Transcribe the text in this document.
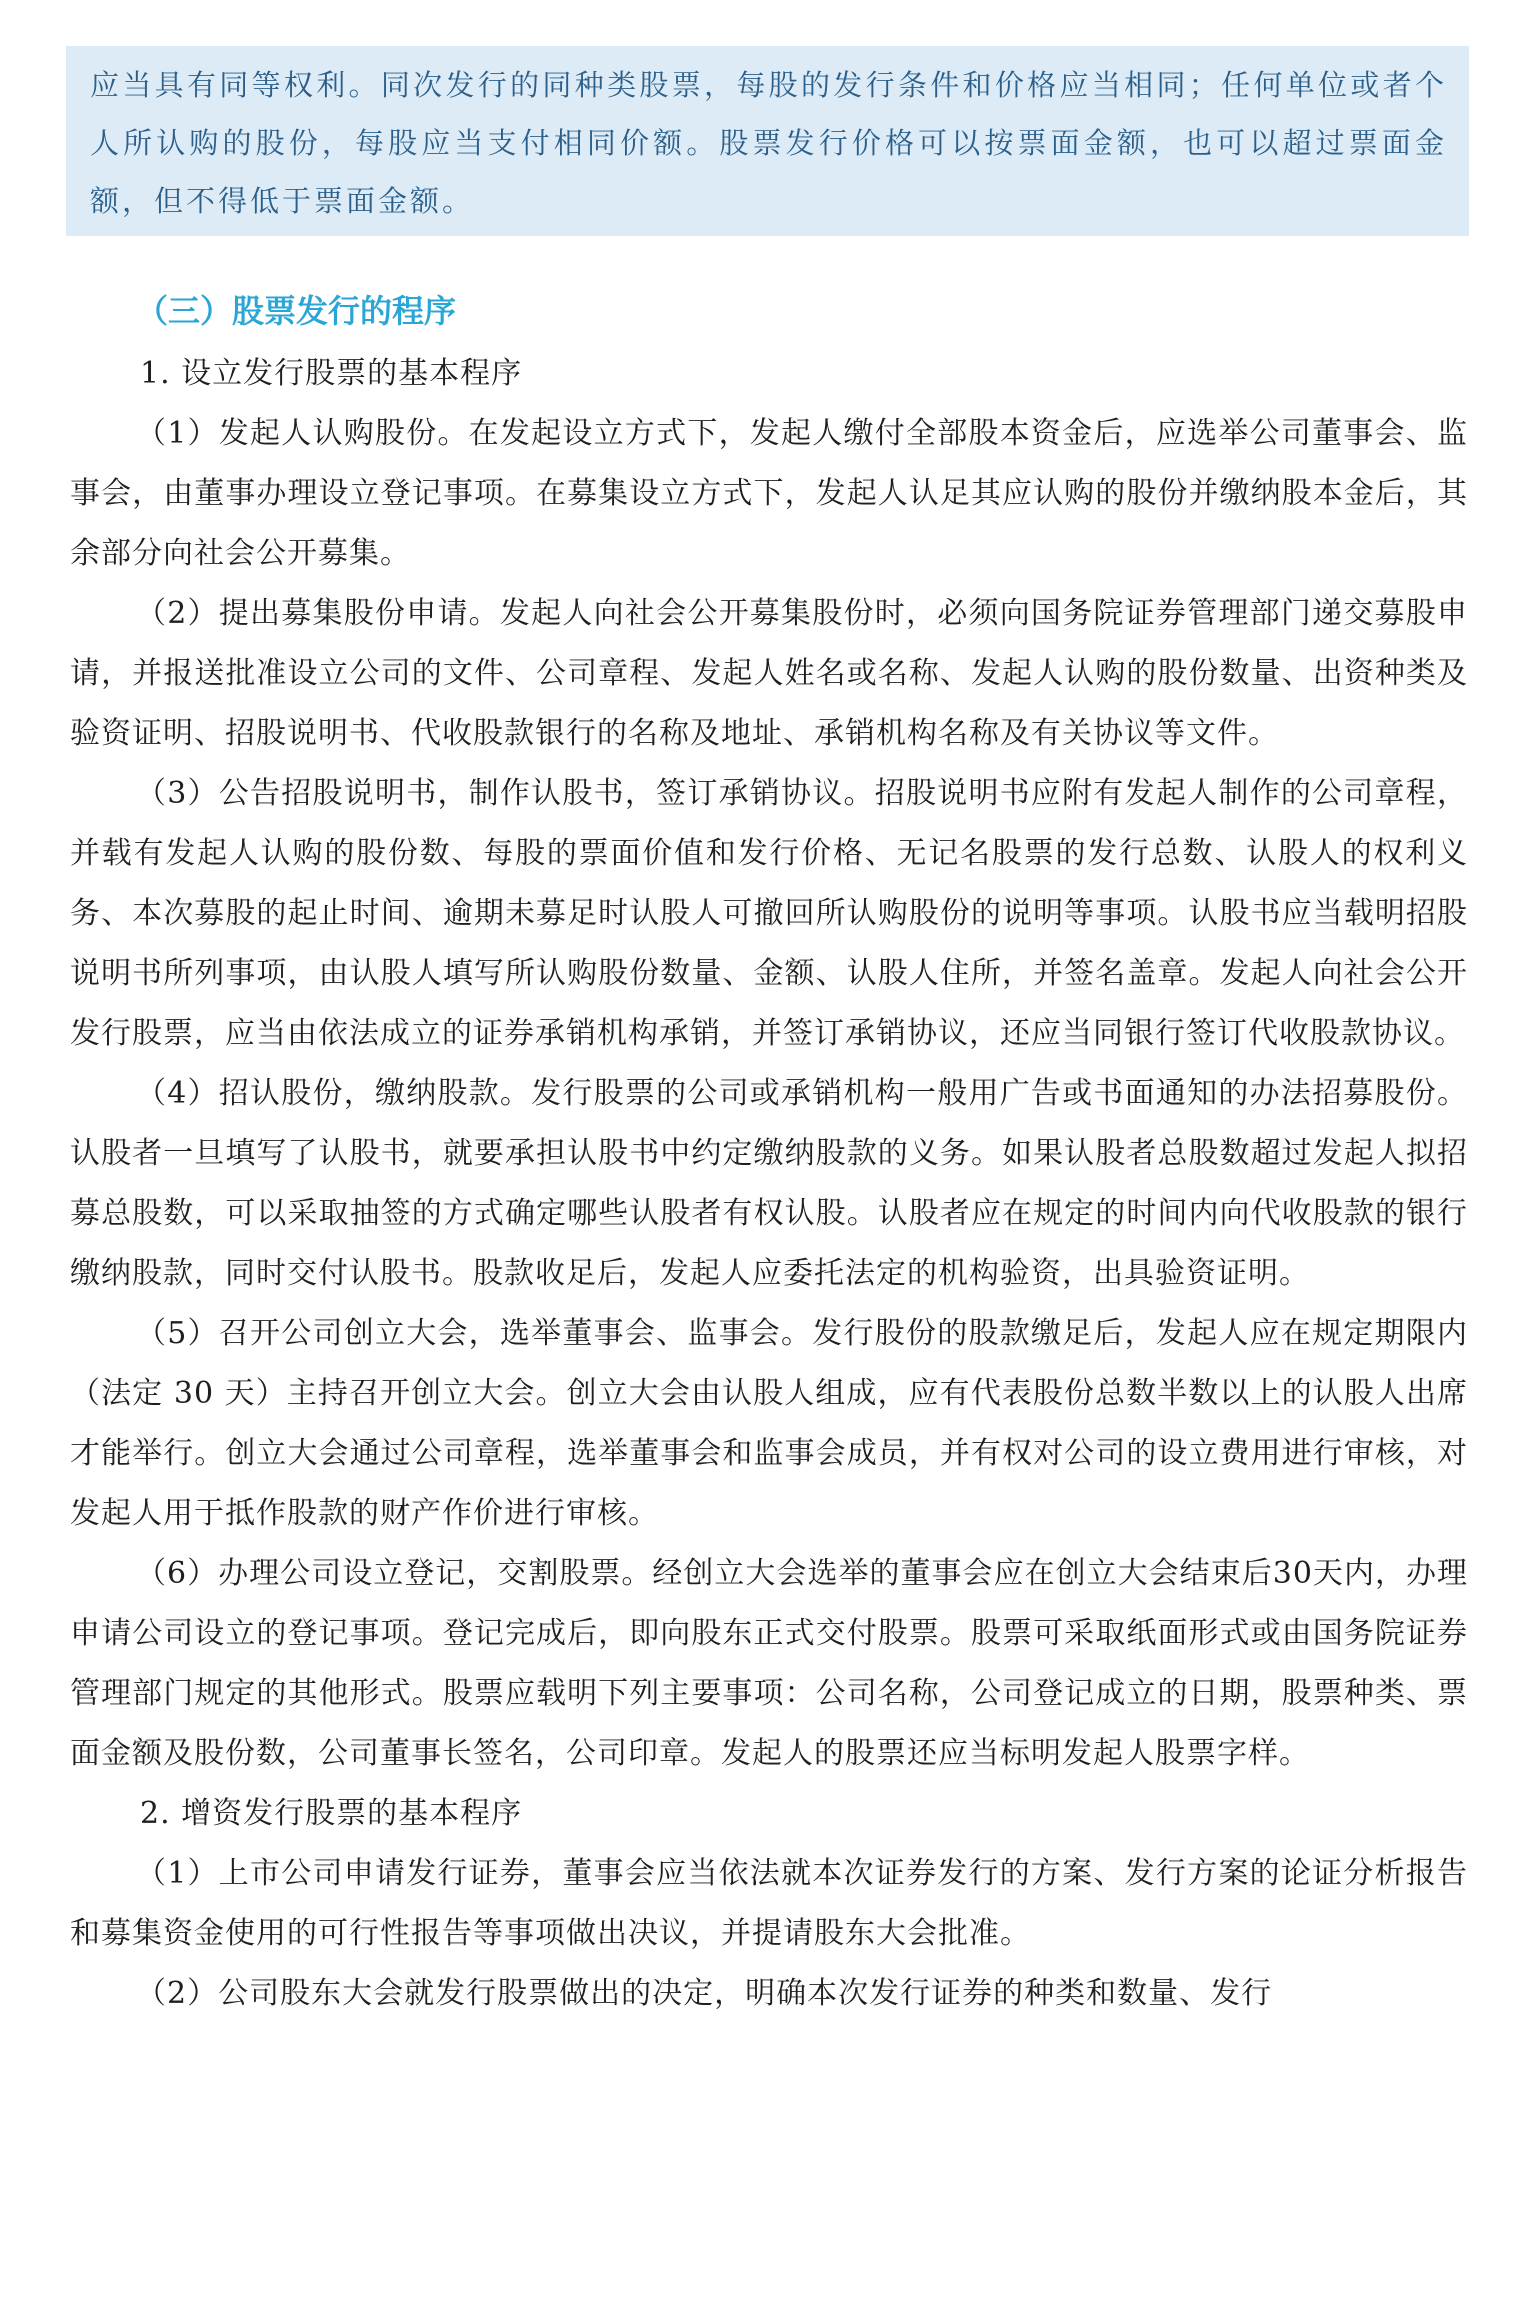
应当具有同等权利。同次发行的同种类股票，每股的发行条件和价格应当相同；任何单位或者个人所认购的股份，每股应当支付相同价额。股票发行价格可以按票面金额，也可以超过票面金额，但不得低于票面金额。
（三）股票发行的程序

1. 设立发行股票的基本程序

（1）发起人认购股份。在发起设立方式下，发起人缴付全部股本资金后，应选举公司董事会、监事会，由董事办理设立登记事项。在募集设立方式下，发起人认足其应认购的股份并缴纳股本金后，其余部分向社会公开募集。

（2）提出募集股份申请。发起人向社会公开募集股份时，必须向国务院证券管理部门递交募股申请，并报送批准设立公司的文件、公司章程、发起人姓名或名称、发起人认购的股份数量、出资种类及验资证明、招股说明书、代收股款银行的名称及地址、承销机构名称及有关协议等文件。

（3）公告招股说明书，制作认股书，签订承销协议。招股说明书应附有发起人制作的公司章程，并载有发起人认购的股份数、每股的票面价值和发行价格、无记名股票的发行总数、认股人的权利义务、本次募股的起止时间、逾期未募足时认股人可撤回所认购股份的说明等事项。认股书应当载明招股说明书所列事项，由认股人填写所认购股份数量、金额、认股人住所，并签名盖章。发起人向社会公开发行股票，应当由依法成立的证券承销机构承销，并签订承销协议，还应当同银行签订代收股款协议。

（4）招认股份，缴纳股款。发行股票的公司或承销机构一般用广告或书面通知的办法招募股份。认股者一旦填写了认股书，就要承担认股书中约定缴纳股款的义务。如果认股者总股数超过发起人拟招募总股数，可以采取抽签的方式确定哪些认股者有权认股。认股者应在规定的时间内向代收股款的银行缴纳股款，同时交付认股书。股款收足后，发起人应委托法定的机构验资，出具验资证明。

（5）召开公司创立大会，选举董事会、监事会。发行股份的股款缴足后，发起人应在规定期限内（法定 30 天）主持召开创立大会。创立大会由认股人组成，应有代表股份总数半数以上的认股人出席才能举行。创立大会通过公司章程，选举董事会和监事会成员，并有权对公司的设立费用进行审核，对发起人用于抵作股款的财产作价进行审核。

（6）办理公司设立登记，交割股票。经创立大会选举的董事会应在创立大会结束后30天内，办理申请公司设立的登记事项。登记完成后，即向股东正式交付股票。股票可采取纸面形式或由国务院证券管理部门规定的其他形式。股票应载明下列主要事项：公司名称，公司登记成立的日期，股票种类、票面金额及股份数，公司董事长签名，公司印章。发起人的股票还应当标明发起人股票字样。

2. 增资发行股票的基本程序

（1）上市公司申请发行证券，董事会应当依法就本次证券发行的方案、发行方案的论证分析报告和募集资金使用的可行性报告等事项做出决议，并提请股东大会批准。

（2）公司股东大会就发行股票做出的决定，明确本次发行证券的种类和数量、发行
